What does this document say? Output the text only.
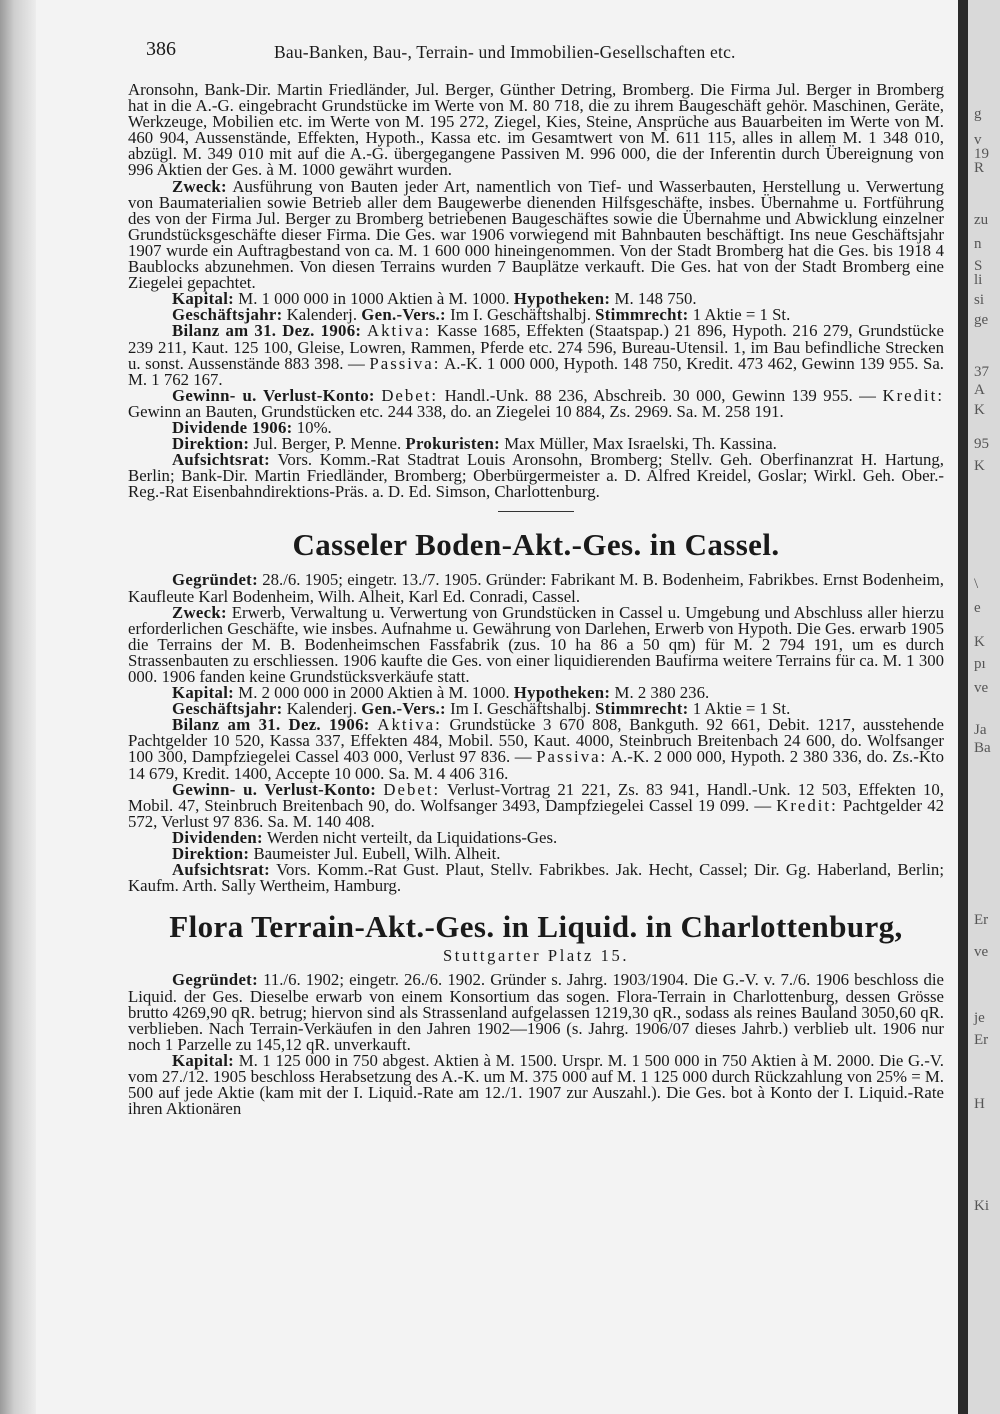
386	Bau-Banken, Bau-, Terrain- und Immobilien-Gesellschaften etc.

Aronsohn, Bank-Dir. Martin Friedländer, Jul. Berger, Günther Detring, Bromberg. Die Firma Jul. Berger in Bromberg hat in die A.-G. eingebracht Grundstücke im Werte von M. 80 718, die zu ihrem Baugeschäft gehör. Maschinen, Geräte, Werkzeuge, Mobilien etc. im Werte von M. 195 272, Ziegel, Kies, Steine, Ansprüche aus Bauarbeiten im Werte von M. 460 904, Aussenstände, Effekten, Hypoth., Kassa etc. im Gesamtwert von M. 611 115, alles in allem M. 1 348 010, abzügl. M. 349 010 mit auf die A.-G. übergegangene Passiven M. 996 000, die der Inferentin durch Übereignung von 996 Aktien der Ges. à M. 1000 gewährt wurden.

Zweck: Ausführung von Bauten jeder Art, namentlich von Tief- und Wasserbauten, Herstellung u. Verwertung von Baumaterialien sowie Betrieb aller dem Baugewerbe dienenden Hilfsgeschäfte, insbes. Übernahme u. Fortführung des von der Firma Jul. Berger zu Bromberg betriebenen Baugeschäftes sowie die Übernahme und Abwicklung einzelner Grundstücksgeschäfte dieser Firma. Die Ges. war 1906 vorwiegend mit Bahnbauten beschäftigt. Ins neue Geschäftsjahr 1907 wurde ein Auftragbestand von ca. M. 1 600 000 hineingenommen. Von der Stadt Bromberg hat die Ges. bis 1918 4 Baublocks abzunehmen. Von diesen Terrains wurden 7 Bauplätze verkauft. Die Ges. hat von der Stadt Bromberg eine Ziegelei gepachtet.

Kapital: M. 1 000 000 in 1000 Aktien à M. 1000. Hypotheken: M. 148 750.

Geschäftsjahr: Kalenderj. Gen.-Vers.: Im I. Geschäftshalbj. Stimmrecht: 1 Aktie = 1 St.

Bilanz am 31. Dez. 1906: Aktiva: Kasse 1685, Effekten (Staatspap.) 21 896, Hypoth. 216 279, Grundstücke 239 211, Kaut. 125 100, Gleise, Lowren, Rammen, Pferde etc. 274 596, Bureau-Utensil. 1, im Bau befindliche Strecken u. sonst. Aussenstände 883 398. — Passiva: A.-K. 1 000 000, Hypoth. 148 750, Kredit. 473 462, Gewinn 139 955. Sa. M. 1 762 167.

Gewinn- u. Verlust-Konto: Debet: Handl.-Unk. 88 236, Abschreib. 30 000, Gewinn 139 955. — Kredit: Gewinn an Bauten, Grundstücken etc. 244 338, do. an Ziegelei 10 884, Zs. 2969. Sa. M. 258 191.

Dividende 1906: 10%.

Direktion: Jul. Berger, P. Menne. Prokuristen: Max Müller, Max Israelski, Th. Kassina.

Aufsichtsrat: Vors. Komm.-Rat Stadtrat Louis Aronsohn, Bromberg; Stellv. Geh. Oberfinanzrat H. Hartung, Berlin; Bank-Dir. Martin Friedländer, Bromberg; Oberbürgermeister a. D. Alfred Kreidel, Goslar; Wirkl. Geh. Ober.-Reg.-Rat Eisenbahndirektions-Präs. a. D. Ed. Simson, Charlottenburg.

Casseler Boden-Akt.-Ges. in Cassel.

Gegründet: 28./6. 1905; eingetr. 13./7. 1905. Gründer: Fabrikant M. B. Bodenheim, Fabrikbes. Ernst Bodenheim, Kaufleute Karl Bodenheim, Wilh. Alheit, Karl Ed. Conradi, Cassel.

Zweck: Erwerb, Verwaltung u. Verwertung von Grundstücken in Cassel u. Umgebung und Abschluss aller hierzu erforderlichen Geschäfte, wie insbes. Aufnahme u. Gewährung von Darlehen, Erwerb von Hypoth. Die Ges. erwarb 1905 die Terrains der M. B. Bodenheimschen Fassfabrik (zus. 10 ha 86 a 50 qm) für M. 2 794 191, um es durch Strassenbauten zu erschliessen. 1906 kaufte die Ges. von einer liquidierenden Baufirma weitere Terrains für ca. M. 1 300 000. 1906 fanden keine Grundstücksverkäufe statt.

Kapital: M. 2 000 000 in 2000 Aktien à M. 1000. Hypotheken: M. 2 380 236.

Geschäftsjahr: Kalenderj. Gen.-Vers.: Im I. Geschäftshalbj. Stimmrecht: 1 Aktie = 1 St.

Bilanz am 31. Dez. 1906: Aktiva: Grundstücke 3 670 808, Bankguth. 92 661, Debit. 1217, ausstehende Pachtgelder 10 520, Kassa 337, Effekten 484, Mobil. 550, Kaut. 4000, Steinbruch Breitenbach 24 600, do. Wolfsanger 100 300, Dampfziegelei Cassel 403 000, Verlust 97 836. — Passiva: A.-K. 2 000 000, Hypoth. 2 380 336, do. Zs.-Kto 14 679, Kredit. 1400, Accepte 10 000. Sa. M. 4 406 316.

Gewinn- u. Verlust-Konto: Debet: Verlust-Vortrag 21 221, Zs. 83 941, Handl.-Unk. 12 503, Effekten 10, Mobil. 47, Steinbruch Breitenbach 90, do. Wolfsanger 3493, Dampfziegelei Cassel 19 099. — Kredit: Pachtgelder 42 572, Verlust 97 836. Sa. M. 140 408.

Dividenden: Werden nicht verteilt, da Liquidations-Ges.

Direktion: Baumeister Jul. Eubell, Wilh. Alheit.

Aufsichtsrat: Vors. Komm.-Rat Gust. Plaut, Stellv. Fabrikbes. Jak. Hecht, Cassel; Dir. Gg. Haberland, Berlin; Kaufm. Arth. Sally Wertheim, Hamburg.

Flora Terrain-Akt.-Ges. in Liquid. in Charlottenburg,
Stuttgarter Platz 15.

Gegründet: 11./6. 1902; eingetr. 26./6. 1902. Gründer s. Jahrg. 1903/1904. Die G.-V. v. 7./6. 1906 beschloss die Liquid. der Ges. Dieselbe erwarb von einem Konsortium das sogen. Flora-Terrain in Charlottenburg, dessen Grösse brutto 4269,90 qR. betrug; hiervon sind als Strassenland aufgelassen 1219,30 qR., sodass als reines Bauland 3050,60 qR. verblieben. Nach Terrain-Verkäufen in den Jahren 1902—1906 (s. Jahrg. 1906/07 dieses Jahrb.) verblieb ult. 1906 nur noch 1 Parzelle zu 145,12 qR. unverkauft.

Kapital: M. 1 125 000 in 750 abgest. Aktien à M. 1500. Urspr. M. 1 500 000 in 750 Aktien à M. 2000. Die G.-V. vom 27./12. 1905 beschloss Herabsetzung des A.-K. um M. 375 000 auf M. 1 125 000 durch Rückzahlung von 25% = M. 500 auf jede Aktie (kam mit der I. Liquid.-Rate am 12./1. 1907 zur Auszahl.). Die Ges. bot à Konto der I. Liquid.-Rate ihren Aktionären

g
v
19
R
zu
n
S
li
si
ge
37
A
K
95
K
\
e
K
pı
ve
Ja
Ba
Er
ve
je
Er
H
Ki
